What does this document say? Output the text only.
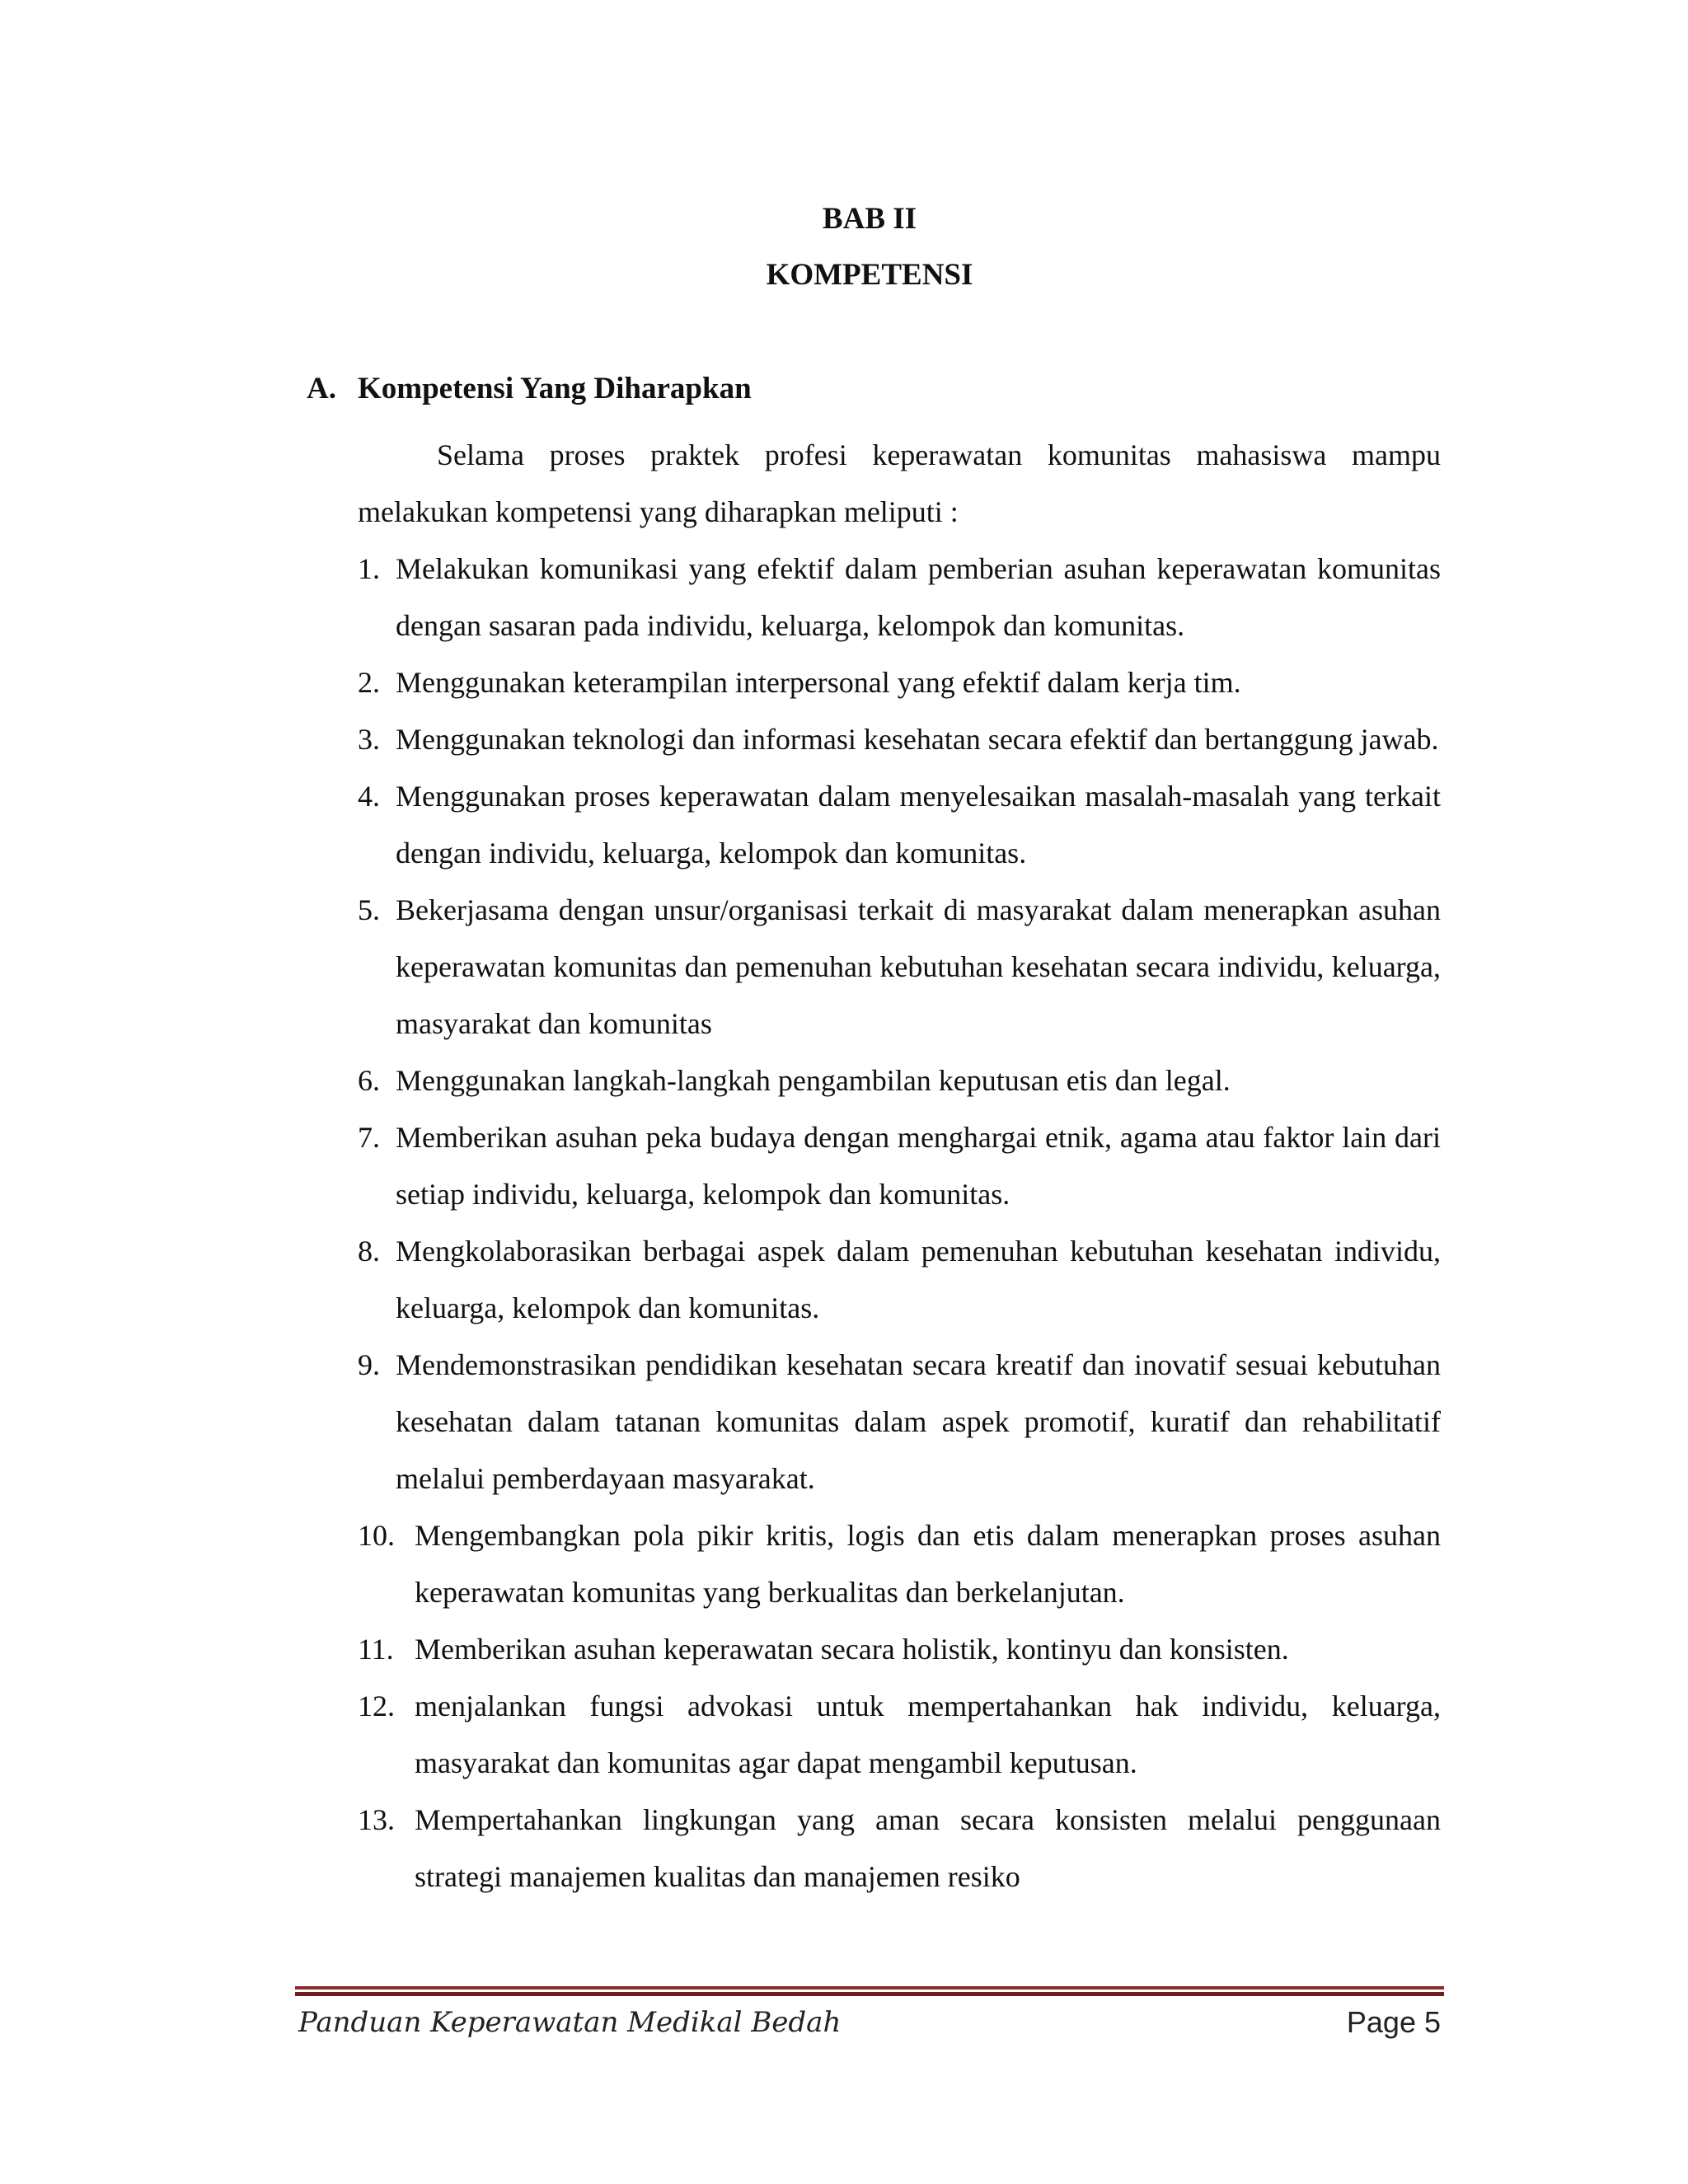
BAB II
KOMPETENSI
A. Kompetensi Yang Diharapkan

Selama proses praktek profesi keperawatan komunitas mahasiswa mampu melakukan kompetensi yang diharapkan meliputi :

1. Melakukan komunikasi yang efektif dalam pemberian asuhan keperawatan komunitas dengan sasaran pada individu, keluarga, kelompok dan komunitas.
2. Menggunakan keterampilan interpersonal yang efektif dalam kerja tim.
3. Menggunakan teknologi dan informasi kesehatan secara efektif dan bertanggung jawab.
4. Menggunakan proses keperawatan dalam menyelesaikan masalah-masalah yang terkait dengan individu, keluarga, kelompok dan komunitas.
5. Bekerjasama dengan unsur/organisasi terkait di masyarakat dalam menerapkan asuhan keperawatan komunitas dan pemenuhan kebutuhan kesehatan secara individu, keluarga, masyarakat dan komunitas
6. Menggunakan langkah-langkah pengambilan keputusan etis dan legal.
7. Memberikan asuhan peka budaya dengan menghargai etnik, agama atau faktor lain dari setiap individu, keluarga, kelompok dan komunitas.
8. Mengkolaborasikan berbagai aspek dalam pemenuhan kebutuhan kesehatan individu, keluarga, kelompok dan komunitas.
9. Mendemonstrasikan pendidikan kesehatan secara kreatif dan inovatif sesuai kebutuhan kesehatan dalam tatanan komunitas dalam aspek promotif, kuratif dan rehabilitatif melalui pemberdayaan masyarakat.
10. Mengembangkan pola pikir kritis, logis dan etis dalam menerapkan proses asuhan keperawatan komunitas yang berkualitas dan berkelanjutan.
11. Memberikan asuhan keperawatan secara holistik, kontinyu dan konsisten.
12. menjalankan fungsi advokasi untuk mempertahankan hak individu, keluarga, masyarakat dan komunitas agar dapat mengambil keputusan.
13. Mempertahankan lingkungan yang aman secara konsisten melalui penggunaan strategi manajemen kualitas dan manajemen resiko
Panduan Keperawatan Medikal Bedah	Page 5
